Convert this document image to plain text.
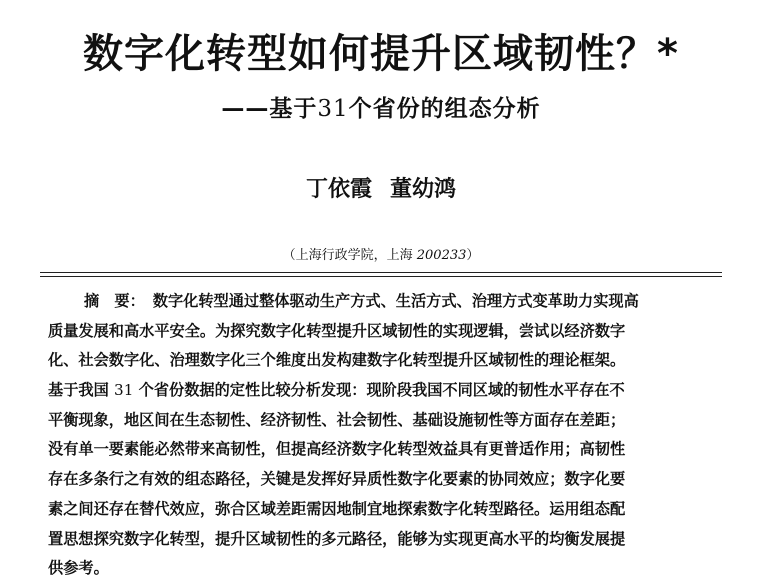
数字化转型如何提升区域韧性？*
——基于31个省份的组态分析
丁依霞 董幼鸿
（上海行政学院，上海 200233）
摘　要： 数字化转型通过整体驱动生产方式、生活方式、治理方式变革助力实现高
质量发展和高水平安全。为探究数字化转型提升区域韧性的实现逻辑，尝试以经济数字
化、社会数字化、治理数字化三个维度出发构建数字化转型提升区域韧性的理论框架。
基于我国 31 个省份数据的定性比较分析发现：现阶段我国不同区域的韧性水平存在不
平衡现象，地区间在生态韧性、经济韧性、社会韧性、基础设施韧性等方面存在差距；
没有单一要素能必然带来高韧性，但提高经济数字化转型效益具有更普适作用；高韧性
存在多条行之有效的组态路径，关键是发挥好异质性数字化要素的协同效应；数字化要
素之间还存在替代效应，弥合区域差距需因地制宜地探索数字化转型路径。运用组态配
置思想探究数字化转型，提升区域韧性的多元路径，能够为实现更高水平的均衡发展提
供参考。
